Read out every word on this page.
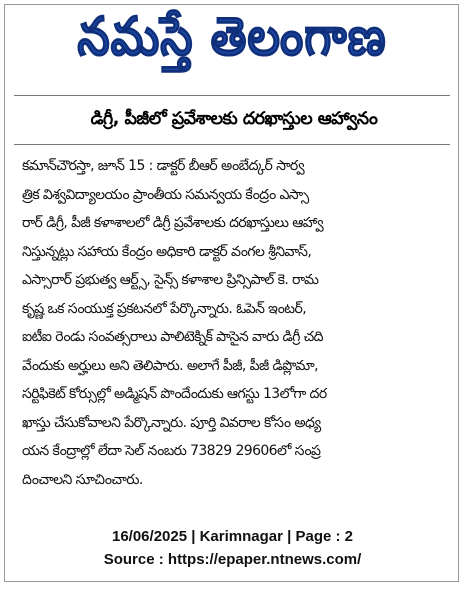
నమస్తే తెలంగాణ
డిగ్రీ, పీజీలో ప్రవేశాలకు దరఖాస్తుల ఆహ్వానం
కమాన్‌చౌరస్తా, జూన్ 15 : డాక్టర్ బీఆర్ అంబేద్కర్ సార్వ
త్రిక విశ్వవిద్యాలయం ప్రాంతీయ సమన్వయ కేంద్రం ఎస్సా
రార్ డిగ్రీ, పీజీ కళాశాలలో డిగ్రీ ప్రవేశాలకు దరఖాస్తులు ఆహ్వా
నిస్తున్నట్లు సహాయ కేంద్రం అధికారి డాక్టర్ వంగల శ్రీనివాస్,
ఎస్సారార్ ప్రభుత్వ ఆర్ట్స్, సైన్స్ కళాశాల ప్రిన్సిపాల్ కె. రామ
కృష్ణ ఒక సంయుక్త ప్రకటనలో పేర్కొన్నారు. ఓపెన్ ఇంటర్,
ఐటీఐ రెండు సంవత్సరాలు పాలిటెక్నిక్ పాసైన వారు డిగ్రీ చది
వేందుకు అర్హులు అని తెలిపారు. అలాగే పీజీ, పీజీ డిప్లొమా,
సర్టిఫికెట్ కోర్సుల్లో అడ్మిషన్ పొందేందుకు ఆగస్టు 13లోగా దర
ఖాస్తు చేసుకోవాలని పేర్కొన్నారు. పూర్తి వివరాల కోసం అధ్య
యన కేంద్రాల్లో లేదా సెల్ నంబరు 73829 29606లో సంప్ర
దించాలని సూచించారు.
16/06/2025 | Karimnagar | Page : 2
Source : https://epaper.ntnews.com/
